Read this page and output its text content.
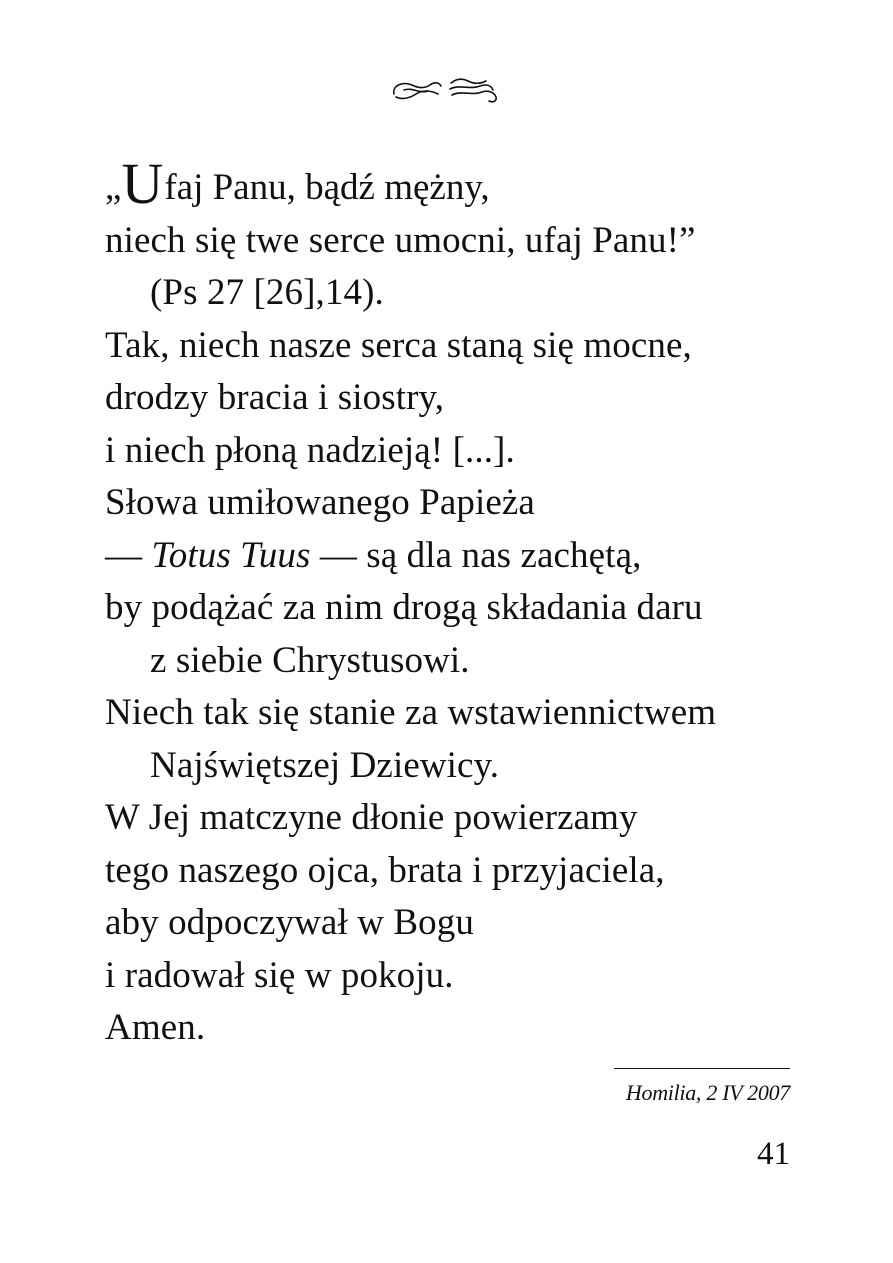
„Ufaj Panu, bądź mężny,
niech się twe serce umocni, ufaj Panu!”
(Ps 27 [26],14).
Tak, niech nasze serca staną się mocne,
drodzy bracia i siostry,
i niech płoną nadzieją! [...].
Słowa umiłowanego Papieża
— Totus Tuus — są dla nas zachętą,
by podążać za nim drogą składania daru
z siebie Chrystusowi.
Niech tak się stanie za wstawiennictwem
Najświętszej Dziewicy.
W Jej matczyne dłonie powierzamy
tego naszego ojca, brata i przyjaciela,
aby odpoczywał w Bogu
i radował się w pokoju.
Amen.
Homilia, 2 IV 2007
41
